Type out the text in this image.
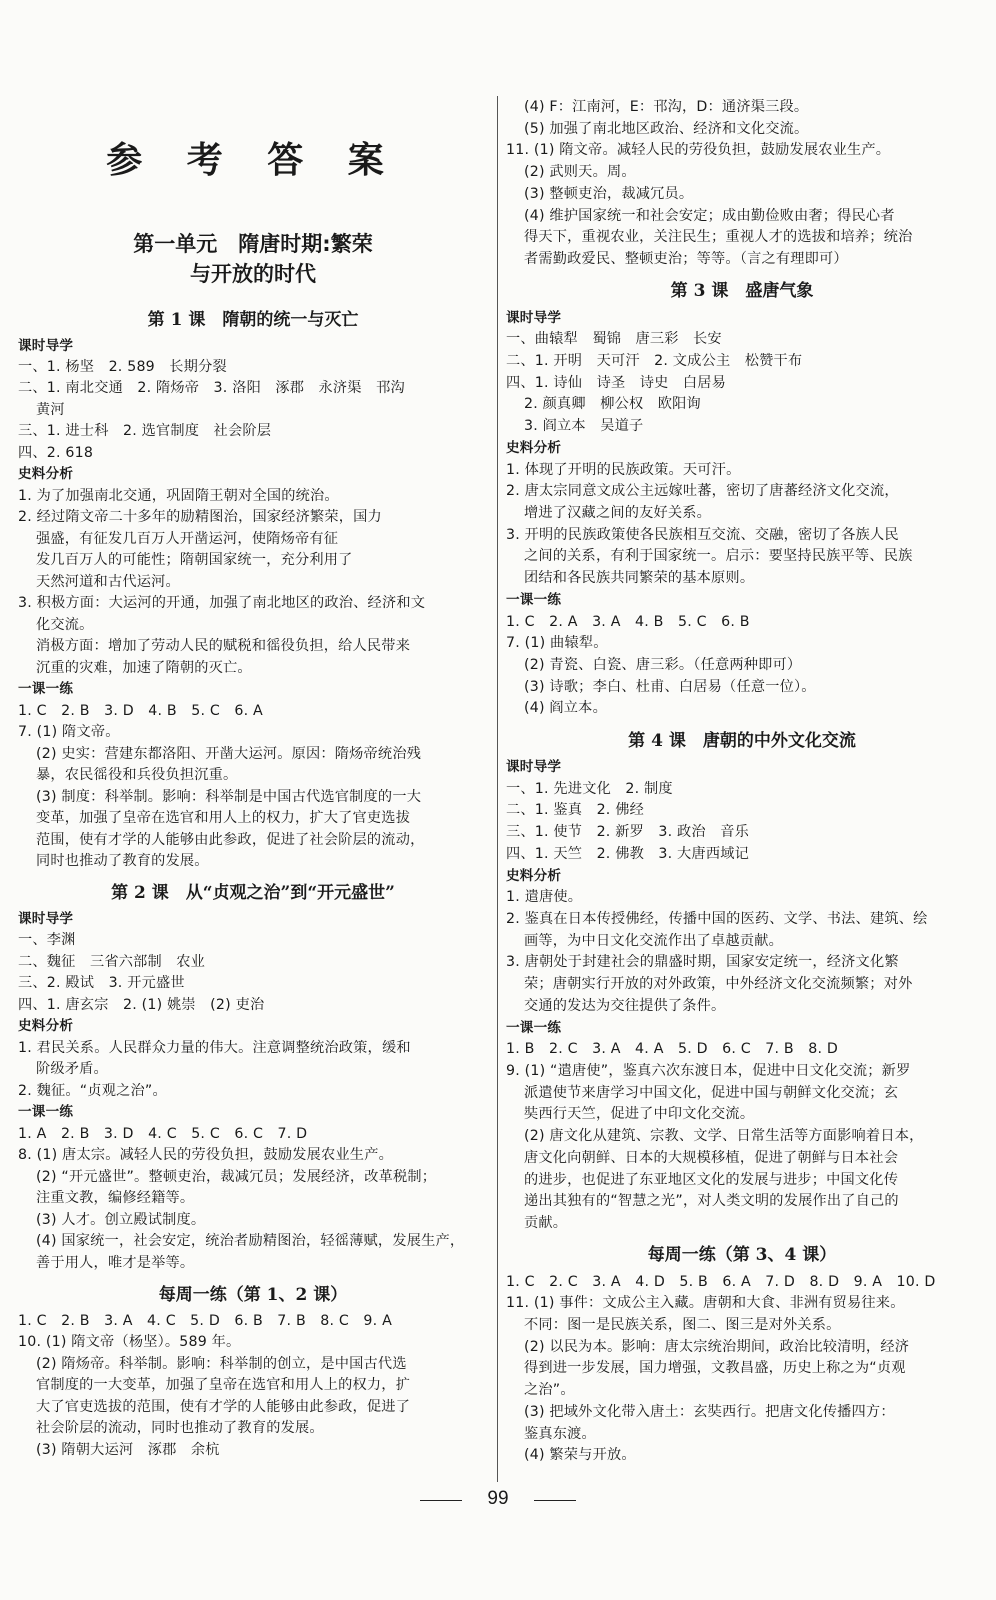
参 考 答 案
第一单元　隋唐时期:繁荣
与开放的时代
第 1 课　隋朝的统一与灭亡
课时导学
一、1. 杨坚　2. 589　长期分裂
二、1. 南北交通　2. 隋炀帝　3. 洛阳　涿郡　永济渠　邗沟
黄河
三、1. 进士科　2. 选官制度　社会阶层
四、2. 618
史料分析
1. 为了加强南北交通，巩固隋王朝对全国的统治。
2. 经过隋文帝二十多年的励精图治，国家经济繁荣，国力
强盛，有征发几百万人开凿运河，使隋炀帝有征
发几百万人的可能性；隋朝国家统一，充分利用了
天然河道和古代运河。
3. 积极方面：大运河的开通，加强了南北地区的政治、经济和文
化交流。
消极方面：增加了劳动人民的赋税和徭役负担，给人民带来
沉重的灾难，加速了隋朝的灭亡。
一课一练
1. C　2. B　3. D　4. B　5. C　6. A
7. (1) 隋文帝。
(2) 史实：营建东都洛阳、开凿大运河。原因：隋炀帝统治残
暴，农民徭役和兵役负担沉重。
(3) 制度：科举制。影响：科举制是中国古代选官制度的一大
变革，加强了皇帝在选官和用人上的权力，扩大了官吏选拔
范围，使有才学的人能够由此参政，促进了社会阶层的流动，
同时也推动了教育的发展。
第 2 课　从“贞观之治”到“开元盛世”
课时导学
一、李渊
二、魏征　三省六部制　农业
三、2. 殿试　3. 开元盛世
四、1. 唐玄宗　2. (1) 姚崇　(2) 吏治
史料分析
1. 君民关系。人民群众力量的伟大。注意调整统治政策，缓和
阶级矛盾。
2. 魏征。“贞观之治”。
一课一练
1. A　2. B　3. D　4. C　5. C　6. C　7. D
8. (1) 唐太宗。减轻人民的劳役负担，鼓励发展农业生产。
(2) “开元盛世”。整顿吏治，裁减冗员；发展经济，改革税制；
注重文教，编修经籍等。
(3) 人才。创立殿试制度。
(4) 国家统一，社会安定，统治者励精图治，轻徭薄赋，发展生产，
善于用人，唯才是举等。
每周一练（第 1、2 课）
1. C　2. B　3. A　4. C　5. D　6. B　7. B　8. C　9. A
10. (1) 隋文帝（杨坚）。589 年。
(2) 隋炀帝。科举制。影响：科举制的创立，是中国古代选
官制度的一大变革，加强了皇帝在选官和用人上的权力，扩
大了官吏选拔的范围，使有才学的人能够由此参政，促进了
社会阶层的流动，同时也推动了教育的发展。
(3) 隋朝大运河　涿郡　余杭
(4) F：江南河，E：邗沟，D：通济渠三段。
(5) 加强了南北地区政治、经济和文化交流。
11. (1) 隋文帝。减轻人民的劳役负担，鼓励发展农业生产。
(2) 武则天。周。
(3) 整顿吏治，裁减冗员。
(4) 维护国家统一和社会安定；成由勤俭败由奢；得民心者
得天下，重视农业，关注民生；重视人才的选拔和培养；统治
者需勤政爱民、整顿吏治；等等。（言之有理即可）
第 3 课　盛唐气象
课时导学
一、曲辕犁　蜀锦　唐三彩　长安
二、1. 开明　天可汗　2. 文成公主　松赞干布
四、1. 诗仙　诗圣　诗史　白居易
2. 颜真卿　柳公权　欧阳询
3. 阎立本　吴道子
史料分析
1. 体现了开明的民族政策。天可汗。
2. 唐太宗同意文成公主远嫁吐蕃，密切了唐蕃经济文化交流，
增进了汉藏之间的友好关系。
3. 开明的民族政策使各民族相互交流、交融，密切了各族人民
之间的关系，有利于国家统一。启示：要坚持民族平等、民族
团结和各民族共同繁荣的基本原则。
一课一练
1. C　2. A　3. A　4. B　5. C　6. B
7. (1) 曲辕犁。
(2) 青瓷、白瓷、唐三彩。（任意两种即可）
(3) 诗歌；李白、杜甫、白居易（任意一位）。
(4) 阎立本。
第 4 课　唐朝的中外文化交流
课时导学
一、1. 先进文化　2. 制度
二、1. 鉴真　2. 佛经
三、1. 使节　2. 新罗　3. 政治　音乐
四、1. 天竺　2. 佛教　3. 大唐西域记
史料分析
1. 遣唐使。
2. 鉴真在日本传授佛经，传播中国的医药、文学、书法、建筑、绘
画等，为中日文化交流作出了卓越贡献。
3. 唐朝处于封建社会的鼎盛时期，国家安定统一，经济文化繁
荣；唐朝实行开放的对外政策，中外经济文化交流频繁；对外
交通的发达为交往提供了条件。
一课一练
1. B　2. C　3. A　4. A　5. D　6. C　7. B　8. D
9. (1) “遣唐使”，鉴真六次东渡日本，促进中日文化交流；新罗
派遣使节来唐学习中国文化，促进中国与朝鲜文化交流；玄
奘西行天竺，促进了中印文化交流。
(2) 唐文化从建筑、宗教、文学、日常生活等方面影响着日本，
唐文化向朝鲜、日本的大规模移植，促进了朝鲜与日本社会
的进步，也促进了东亚地区文化的发展与进步；中国文化传
递出其独有的“智慧之光”，对人类文明的发展作出了自己的
贡献。
每周一练（第 3、4 课）
1. C　2. C　3. A　4. D　5. B　6. A　7. D　8. D　9. A　10. D
11. (1) 事件：文成公主入藏。唐朝和大食、非洲有贸易往来。
不同：图一是民族关系，图二、图三是对外关系。
(2) 以民为本。影响：唐太宗统治期间，政治比较清明，经济
得到进一步发展，国力增强，文教昌盛，历史上称之为“贞观
之治”。
(3) 把域外文化带入唐土：玄奘西行。把唐文化传播四方：
鉴真东渡。
(4) 繁荣与开放。
99
